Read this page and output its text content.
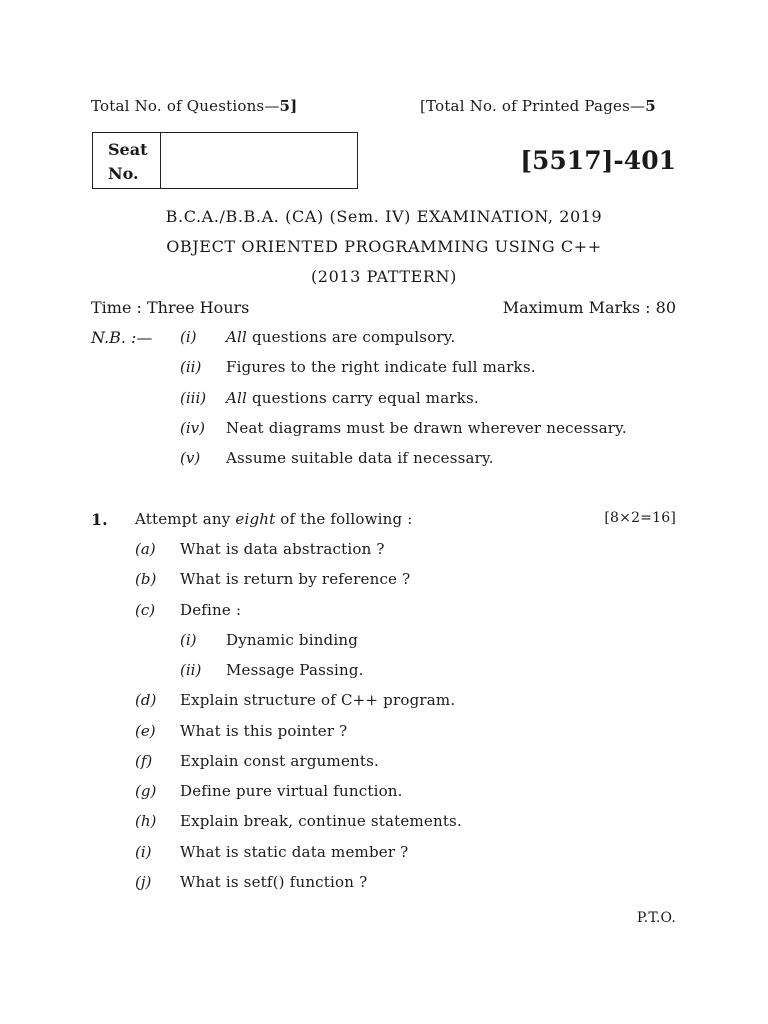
Total No. of Questions—5]	[Total No. of Printed Pages—5
Seat
No.	[5517]-401
B.C.A./B.B.A. (CA) (Sem. IV) EXAMINATION, 2019
OBJECT ORIENTED PROGRAMMING USING C++
(2013 PATTERN)
Time : Three Hours	Maximum Marks : 80
N.B. :— (i) All questions are compulsory.
(ii) Figures to the right indicate full marks.
(iii) All questions carry equal marks.
(iv) Neat diagrams must be drawn wherever necessary.
(v) Assume suitable data if necessary.
1. Attempt any eight of the following :	[8×2=16]
(a) What is data abstraction ?
(b) What is return by reference ?
(c) Define :
(i) Dynamic binding
(ii) Message Passing.
(d) Explain structure of C++ program.
(e) What is this pointer ?
(f) Explain const arguments.
(g) Define pure virtual function.
(h) Explain break, continue statements.
(i) What is static data member ?
(j) What is setf() function ?
P.T.O.
